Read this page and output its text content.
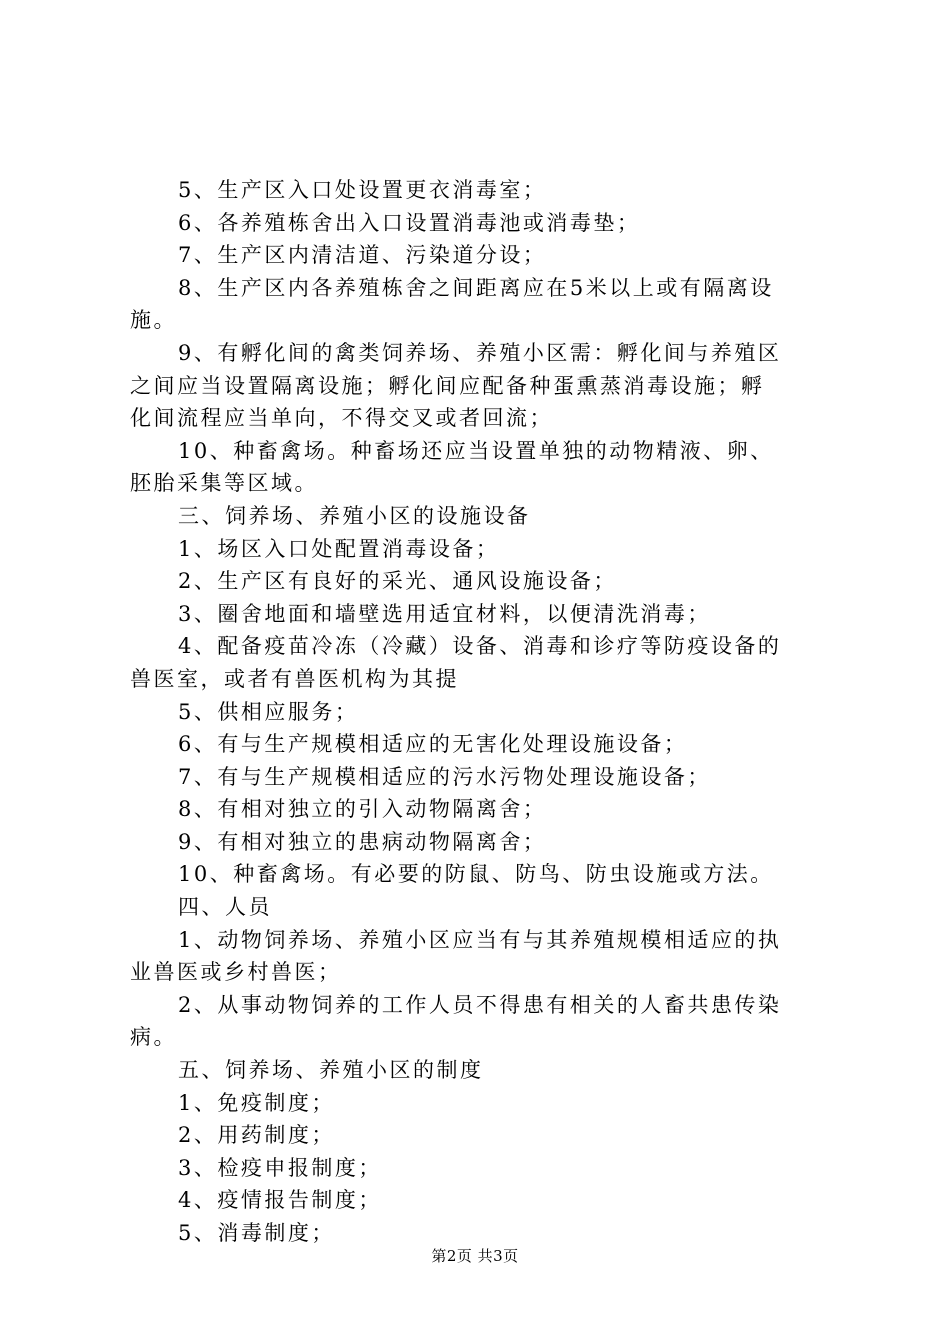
5、生产区入口处设置更衣消毒室；
6、各养殖栋舍出入口设置消毒池或消毒垫；
7、生产区内清洁道、污染道分设；
8、生产区内各养殖栋舍之间距离应在5米以上或有隔离设
施。
9、有孵化间的禽类饲养场、养殖小区需：孵化间与养殖区
之间应当设置隔离设施；孵化间应配备种蛋熏蒸消毒设施；孵
化间流程应当单向，不得交叉或者回流；
10、种畜禽场。种畜场还应当设置单独的动物精液、卵、
胚胎采集等区域。
三、饲养场、养殖小区的设施设备
1、场区入口处配置消毒设备；
2、生产区有良好的采光、通风设施设备；
3、圈舍地面和墙壁选用适宜材料，以便清洗消毒；
4、配备疫苗冷冻（冷藏）设备、消毒和诊疗等防疫设备的
兽医室，或者有兽医机构为其提
5、供相应服务；
6、有与生产规模相适应的无害化处理设施设备；
7、有与生产规模相适应的污水污物处理设施设备；
8、有相对独立的引入动物隔离舍；
9、有相对独立的患病动物隔离舍；
10、种畜禽场。有必要的防鼠、防鸟、防虫设施或方法。
四、人员
1、动物饲养场、养殖小区应当有与其养殖规模相适应的执
业兽医或乡村兽医；
2、从事动物饲养的工作人员不得患有相关的人畜共患传染
病。
五、饲养场、养殖小区的制度
1、免疫制度；
2、用药制度；
3、检疫申报制度；
4、疫情报告制度；
5、消毒制度；
第2页 共3页
